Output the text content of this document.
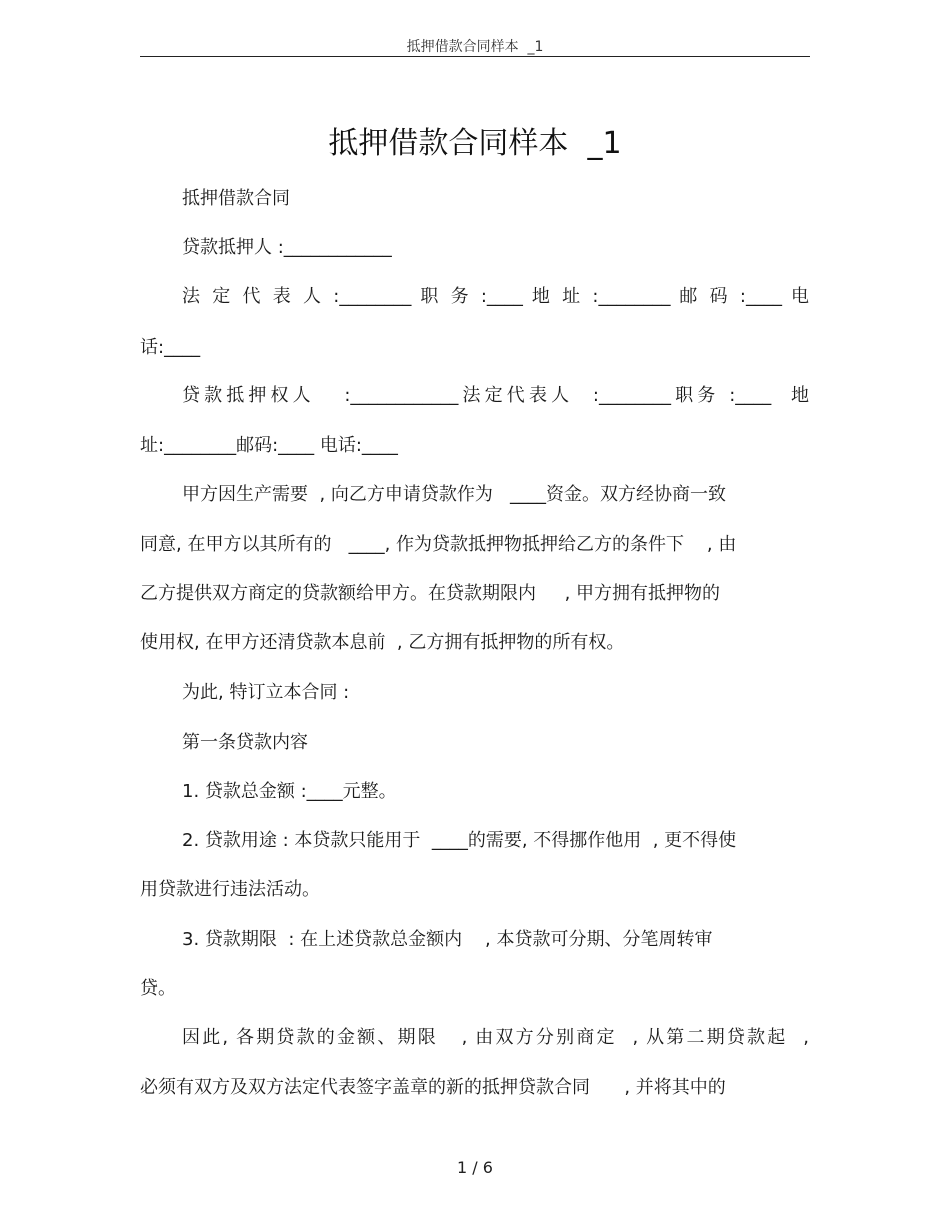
抵押借款合同样本  _1
抵押借款合同样本  _1
抵押借款合同
贷款抵押人 :____________
法 定 代 表 人 :________ 职 务 :____ 地 址 :________ 邮 码 :____ 电
话:____
贷款抵押权人   :____________法定代表人  :________职务 :____  地
址:________邮码:____ 电话:____
甲方因生产需要  , 向乙方申请贷款作为   ____资金。双方经协商一致
同意, 在甲方以其所有的   ____, 作为贷款抵押物抵押给乙方的条件下    , 由
乙方提供双方商定的贷款额给甲方。在贷款期限内     , 甲方拥有抵押物的
使用权, 在甲方还清贷款本息前  , 乙方拥有抵押物的所有权。
为此, 特订立本合同 :
第一条贷款内容
1. 贷款总金额 :____元整。
2. 贷款用途 : 本贷款只能用于  ____的需要, 不得挪作他用  , 更不得使
用贷款进行违法活动。
3. 贷款期限  : 在上述贷款总金额内    , 本贷款可分期、分笔周转审
贷。
因此, 各期贷款的金额、期限   , 由双方分别商定  , 从第二期贷款起  ,
必须有双方及双方法定代表签字盖章的新的抵押贷款合同      , 并将其中的
1 / 6
